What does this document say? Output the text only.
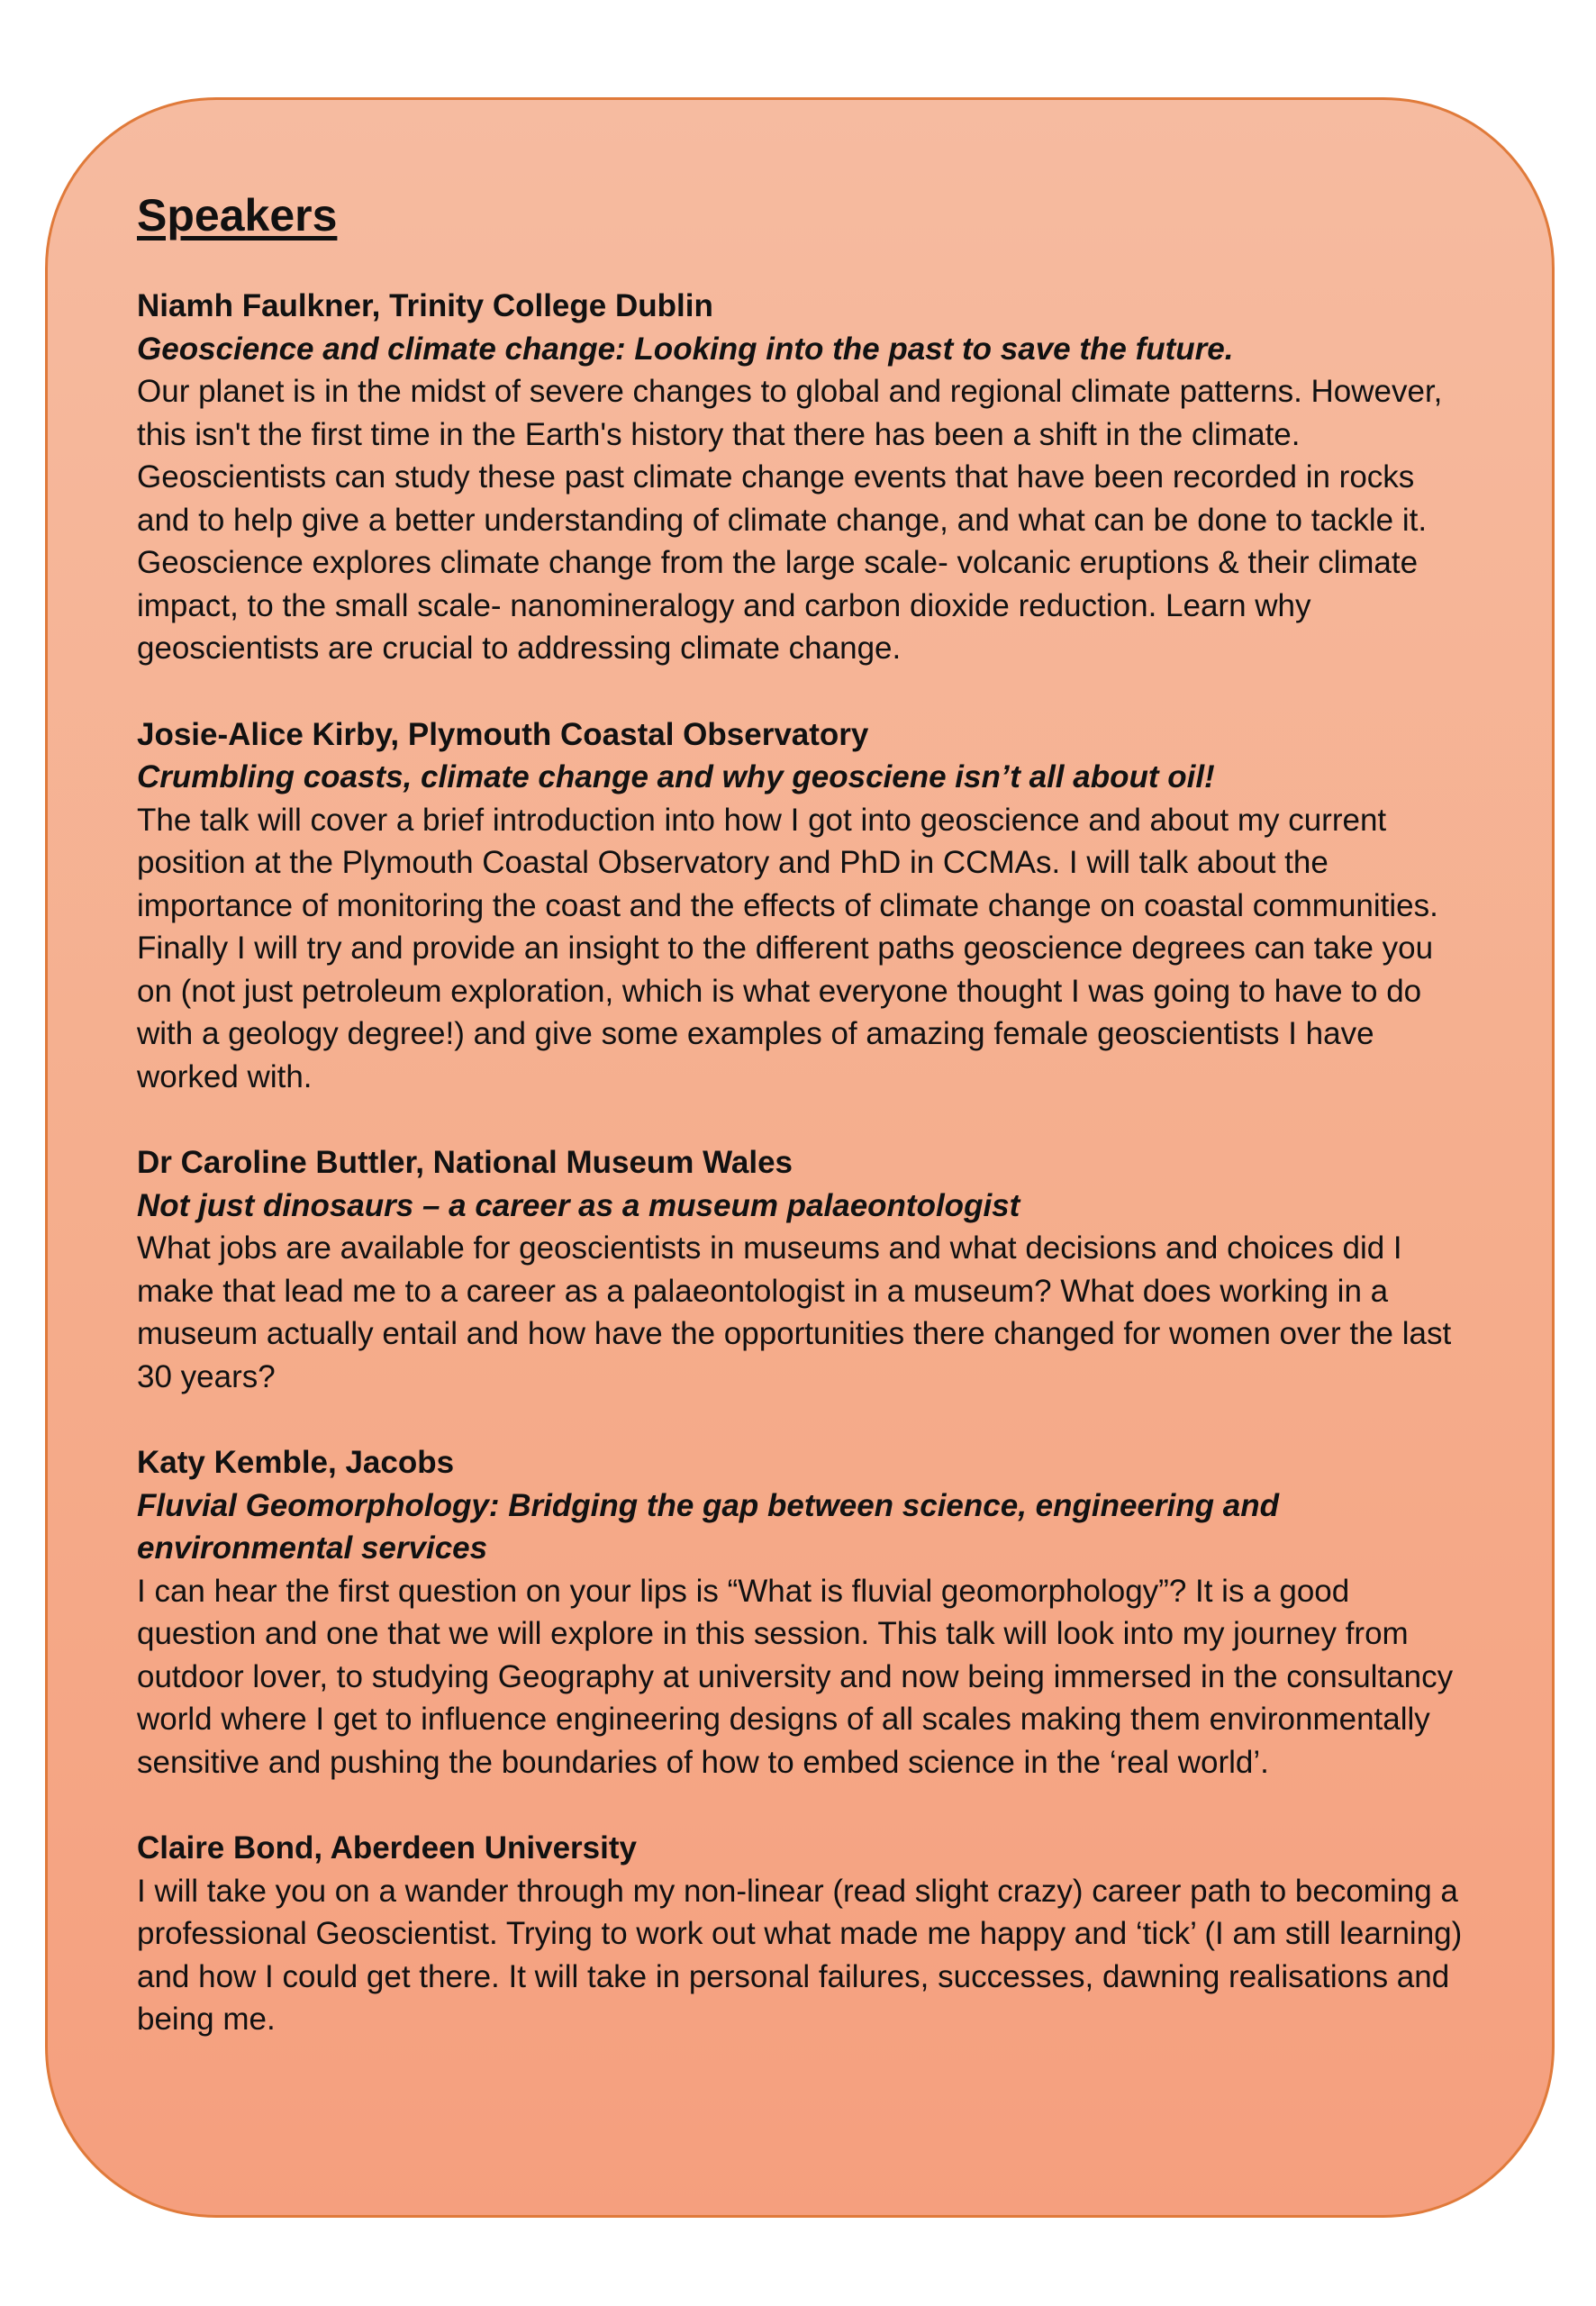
Speakers
Niamh Faulkner, Trinity College Dublin
Geoscience and climate change: Looking into the past to save the future.
Our planet is in the midst of severe changes to global and regional climate patterns. However, this isn't the first time in the Earth's history that there has been a shift in the climate. Geoscientists can study these past climate change events that have been recorded in rocks and to help give a better understanding of climate change, and what can be done to tackle it. Geoscience explores climate change from the large scale- volcanic eruptions & their climate impact, to the small scale- nanomineralogy and carbon dioxide reduction. Learn why geoscientists are crucial to addressing climate change.
Josie-Alice Kirby, Plymouth Coastal Observatory
Crumbling coasts, climate change and why geosciene isn’t all about oil!
The talk will cover a brief introduction into how I got into geoscience and about my current position at the Plymouth Coastal Observatory and PhD in CCMAs. I will talk about the importance of monitoring the coast and the effects of climate change on coastal communities. Finally I will try and provide an insight to the different paths geoscience degrees can take you on (not just petroleum exploration, which is what everyone thought I was going to have to do with a geology degree!) and give some examples of amazing female geoscientists I have worked with.
Dr Caroline Buttler, National Museum Wales
Not just dinosaurs – a career as a museum palaeontologist
What jobs are available for geoscientists in museums and what decisions and choices did I make that lead me to a career as a palaeontologist in a museum? What does working in a museum actually entail and how have the opportunities there changed for women over the last 30 years?
Katy Kemble, Jacobs
Fluvial Geomorphology: Bridging the gap between science, engineering and environmental services
I can hear the first question on your lips is “What is fluvial geomorphology”? It is a good question and one that we will explore in this session. This talk will look into my journey from outdoor lover, to studying Geography at university and now being immersed in the consultancy world where I get to influence engineering designs of all scales making them environmentally sensitive and pushing the boundaries of how to embed science in the ‘real world’.
Claire Bond, Aberdeen University
I will take you on a wander through my non-linear (read slight crazy) career path to becoming a professional Geoscientist. Trying to work out what made me happy and ‘tick’ (I am still learning) and how I could get there. It will take in personal failures, successes, dawning realisations and being me.
